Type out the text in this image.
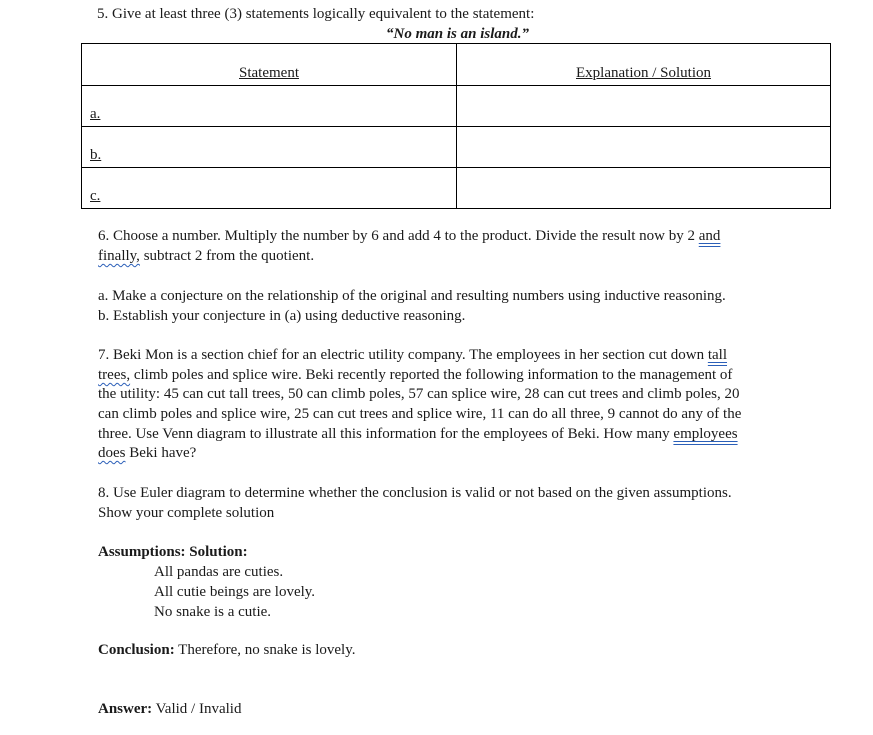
5. Give at least three (3) statements logically equivalent to the statement:
“No man is an island.”
Statement	Explanation / Solution
a.	
b.	
c.	
6. Choose a number. Multiply the number by 6 and add 4 to the product. Divide the result now by 2 and
finally, subtract 2 from the quotient.
a. Make a conjecture on the relationship of the original and resulting numbers using inductive reasoning.
b. Establish your conjecture in (a) using deductive reasoning.
7. Beki Mon is a section chief for an electric utility company. The employees in her section cut down tall
trees, climb poles and splice wire. Beki recently reported the following information to the management of
the utility: 45 can cut tall trees, 50 can climb poles, 57 can splice wire, 28 can cut trees and climb poles, 20
can climb poles and splice wire, 25 can cut trees and splice wire, 11 can do all three, 9 cannot do any of the
three. Use Venn diagram to illustrate all this information for the employees of Beki. How many employees
does Beki have?
8. Use Euler diagram to determine whether the conclusion is valid or not based on the given assumptions.
Show your complete solution
Assumptions: Solution:
All pandas are cuties.
All cutie beings are lovely.
No snake is a cutie.
Conclusion: Therefore, no snake is lovely.
Answer: Valid / Invalid
